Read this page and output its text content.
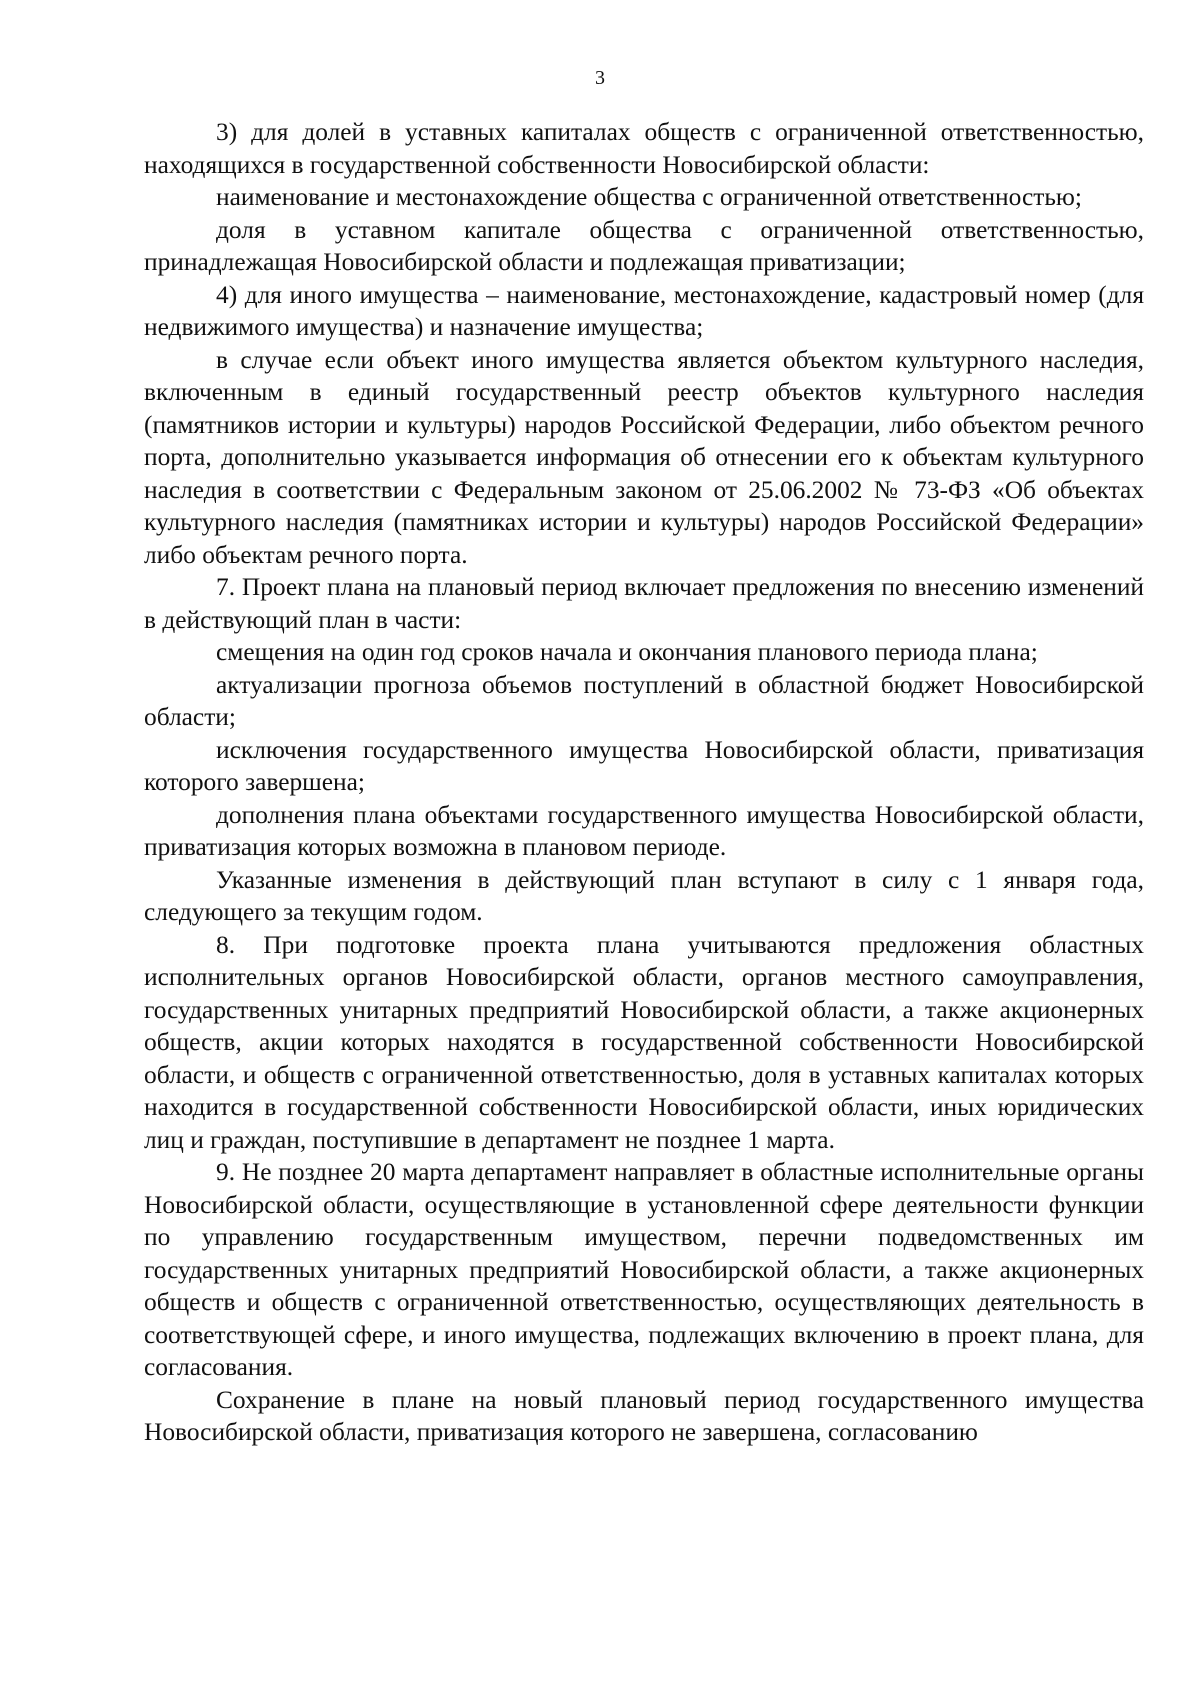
3

3) для долей в уставных капиталах обществ с ограниченной ответственностью, находящихся в государственной собственности Новосибирской области:

наименование и местонахождение общества с ограниченной ответственностью;

доля в уставном капитале общества с ограниченной ответственностью, принадлежащая Новосибирской области и подлежащая приватизации;

4) для иного имущества – наименование, местонахождение, кадастровый номер (для недвижимого имущества) и назначение имущества;

в случае если объект иного имущества является объектом культурного наследия, включенным в единый государственный реестр объектов культурного наследия (памятников истории и культуры) народов Российской Федерации, либо объектом речного порта, дополнительно указывается информация об отнесении его к объектам культурного наследия в соответствии с Федеральным законом от 25.06.2002 № 73-ФЗ «Об объектах культурного наследия (памятниках истории и культуры) народов Российской Федерации» либо объектам речного порта.

7. Проект плана на плановый период включает предложения по внесению изменений в действующий план в части:

смещения на один год сроков начала и окончания планового периода плана;

актуализации прогноза объемов поступлений в областной бюджет Новосибирской области;

исключения государственного имущества Новосибирской области, приватизация которого завершена;

дополнения плана объектами государственного имущества Новосибирской области, приватизация которых возможна в плановом периоде.

Указанные изменения в действующий план вступают в силу с 1 января года, следующего за текущим годом.

8. При подготовке проекта плана учитываются предложения областных исполнительных органов Новосибирской области, органов местного самоуправления, государственных унитарных предприятий Новосибирской области, а также акционерных обществ, акции которых находятся в государственной собственности Новосибирской области, и обществ с ограниченной ответственностью, доля в уставных капиталах которых находится в государственной собственности Новосибирской области, иных юридических лиц и граждан, поступившие в департамент не позднее 1 марта.

9. Не позднее 20 марта департамент направляет в областные исполнительные органы Новосибирской области, осуществляющие в установленной сфере деятельности функции по управлению государственным имуществом, перечни подведомственных им государственных унитарных предприятий Новосибирской области, а также акционерных обществ и обществ с ограниченной ответственностью, осуществляющих деятельность в соответствующей сфере, и иного имущества, подлежащих включению в проект плана, для согласования.

Сохранение в плане на новый плановый период государственного имущества Новосибирской области, приватизация которого не завершена, согласованию
